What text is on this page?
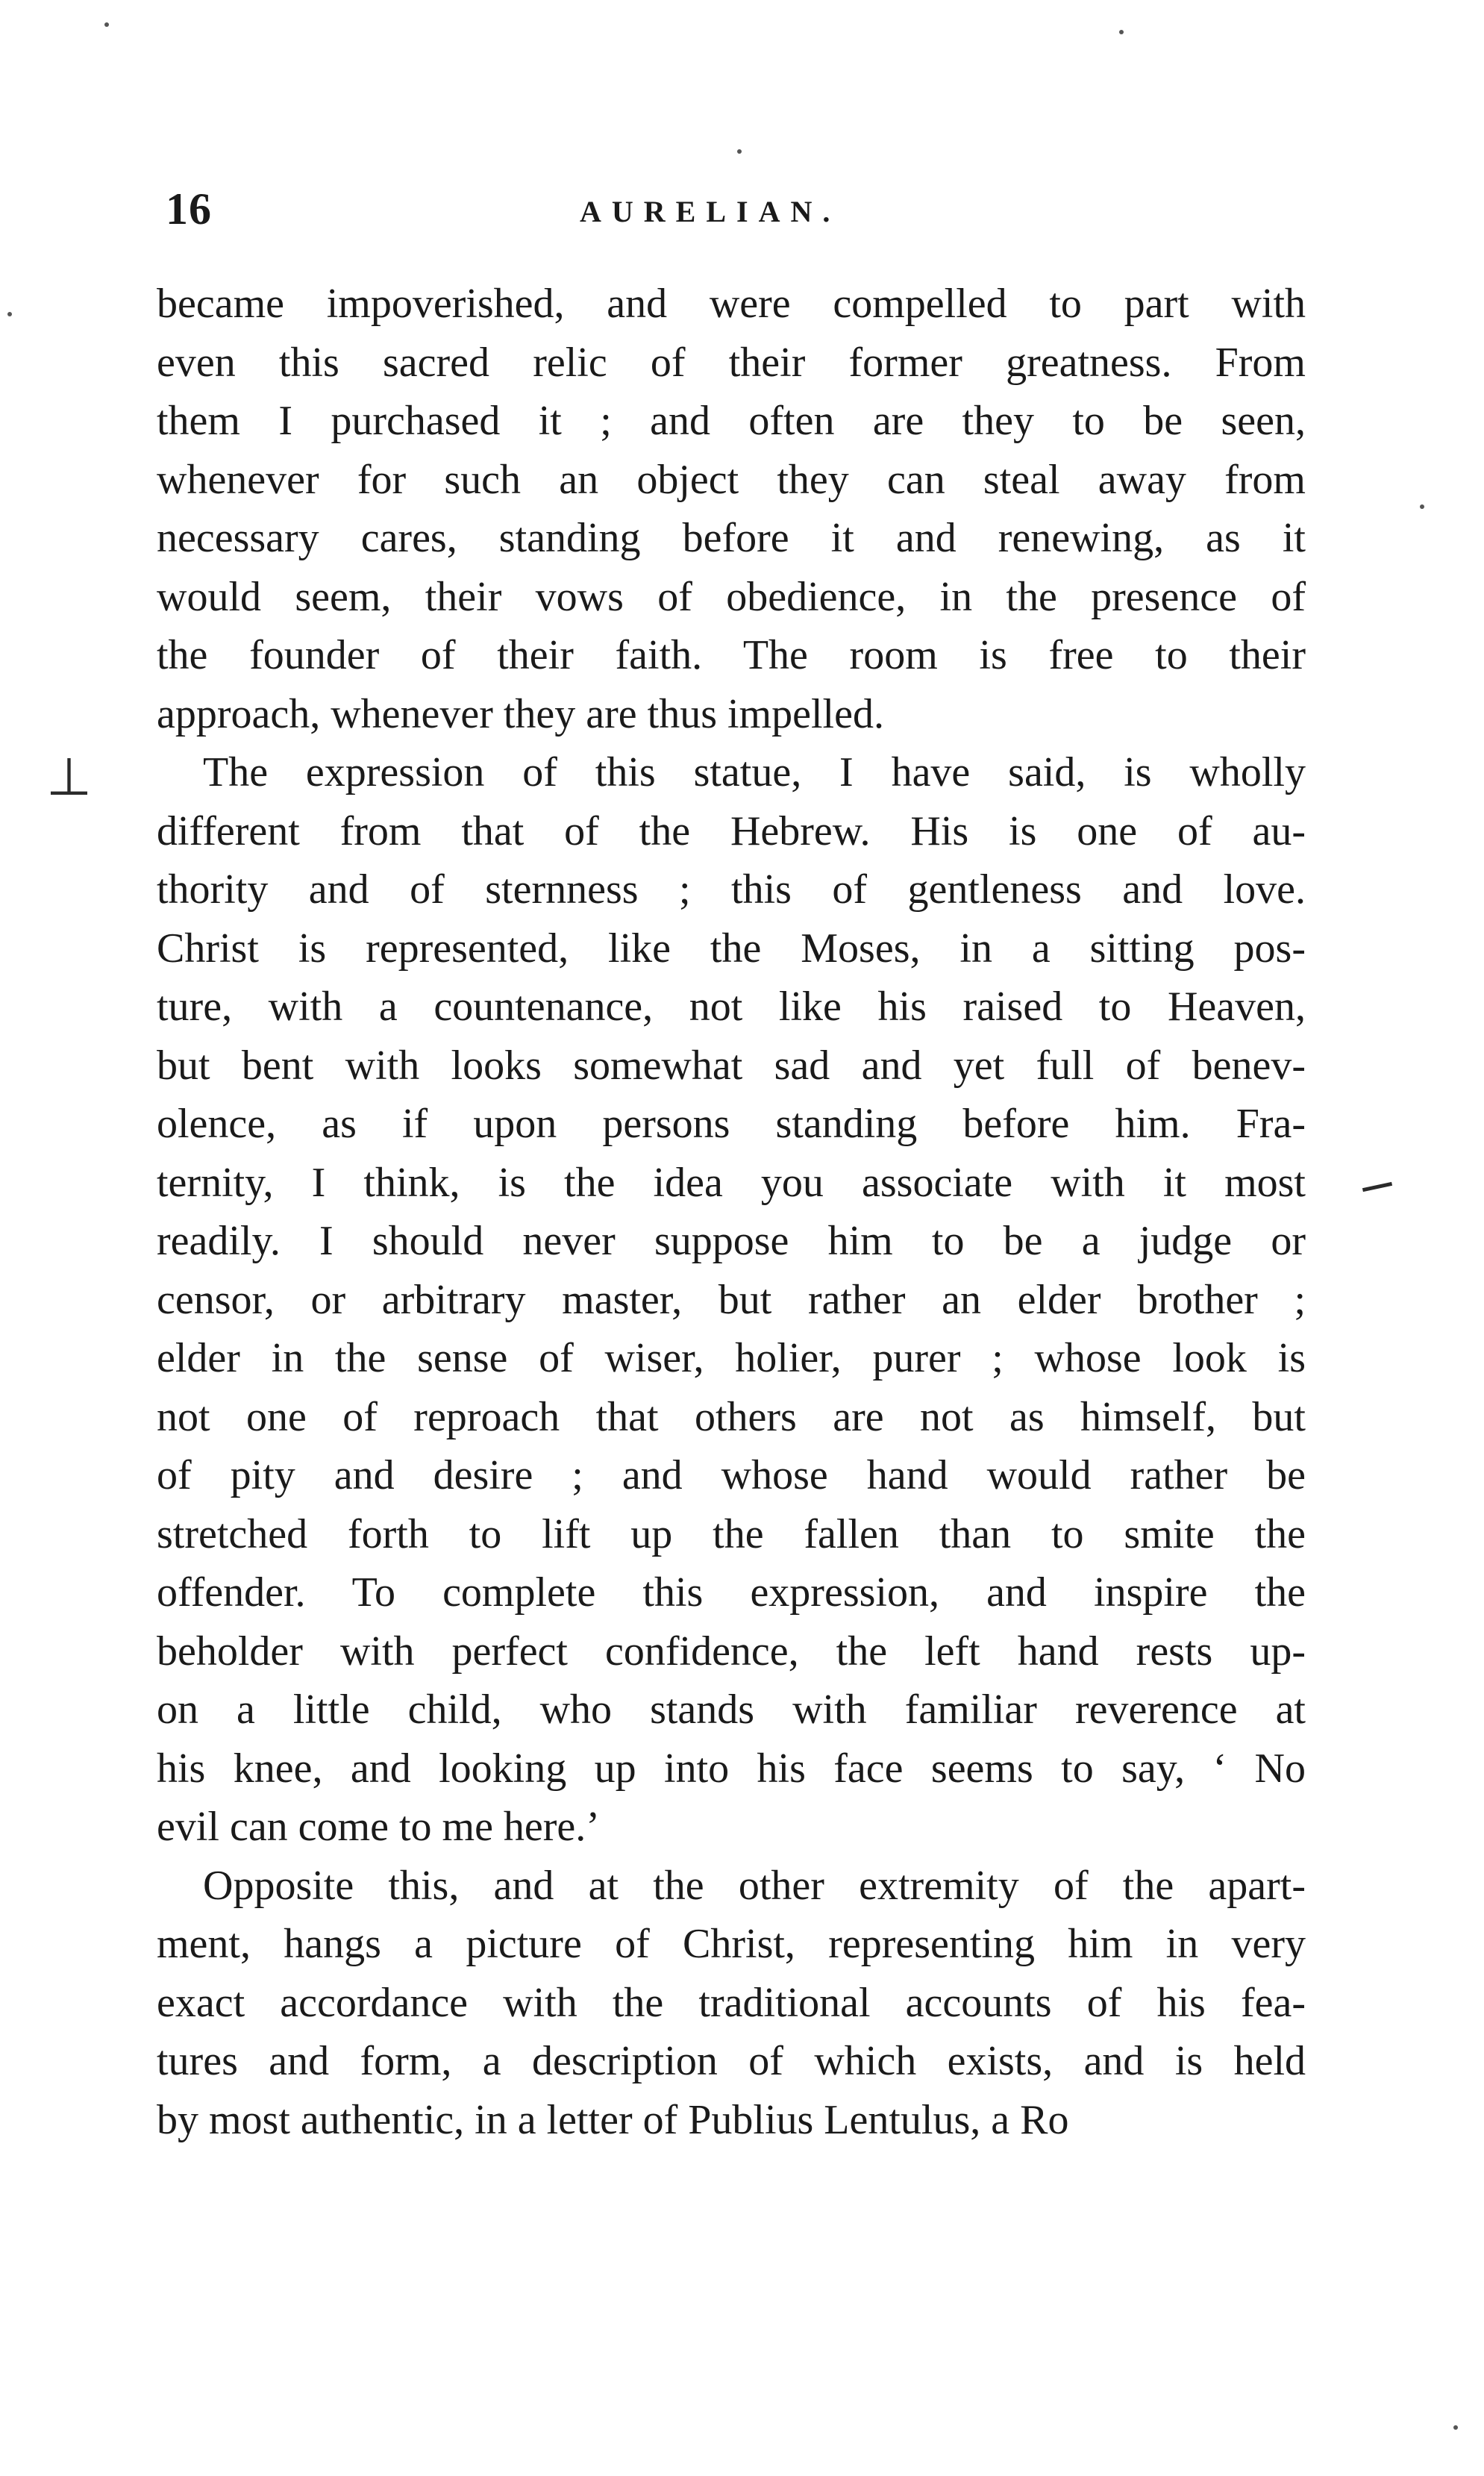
16	AURELIAN.
⊥
became impoverished, and were compelled to part with
even this sacred relic of their former greatness. From
them I purchased it ; and often are they to be seen,
whenever for such an object they can steal away from
necessary cares, standing before it and renewing, as it
would seem, their vows of obedience, in the presence of
the founder of their faith. The room is free to their
approach, whenever they are thus impelled.
The expression of this statue, I have said, is wholly
different from that of the Hebrew. His is one of au-
thority and of sternness ; this of gentleness and love.
Christ is represented, like the Moses, in a sitting pos-
ture, with a countenance, not like his raised to Heaven,
but bent with looks somewhat sad and yet full of benev-
olence, as if upon persons standing before him. Fra-
ternity, I think, is the idea you associate with it most
readily. I should never suppose him to be a judge or
censor, or arbitrary master, but rather an elder brother ;
elder in the sense of wiser, holier, purer ; whose look is
not one of reproach that others are not as himself, but
of pity and desire ; and whose hand would rather be
stretched forth to lift up the fallen than to smite the
offender. To complete this expression, and inspire the
beholder with perfect confidence, the left hand rests up-
on a little child, who stands with familiar reverence at
his knee, and looking up into his face seems to say, ‘ No
evil can come to me here.’
Opposite this, and at the other extremity of the apart-
ment, hangs a picture of Christ, representing him in very
exact accordance with the traditional accounts of his fea-
tures and form, a description of which exists, and is held
by most authentic, in a letter of Publius Lentulus, a Ro
